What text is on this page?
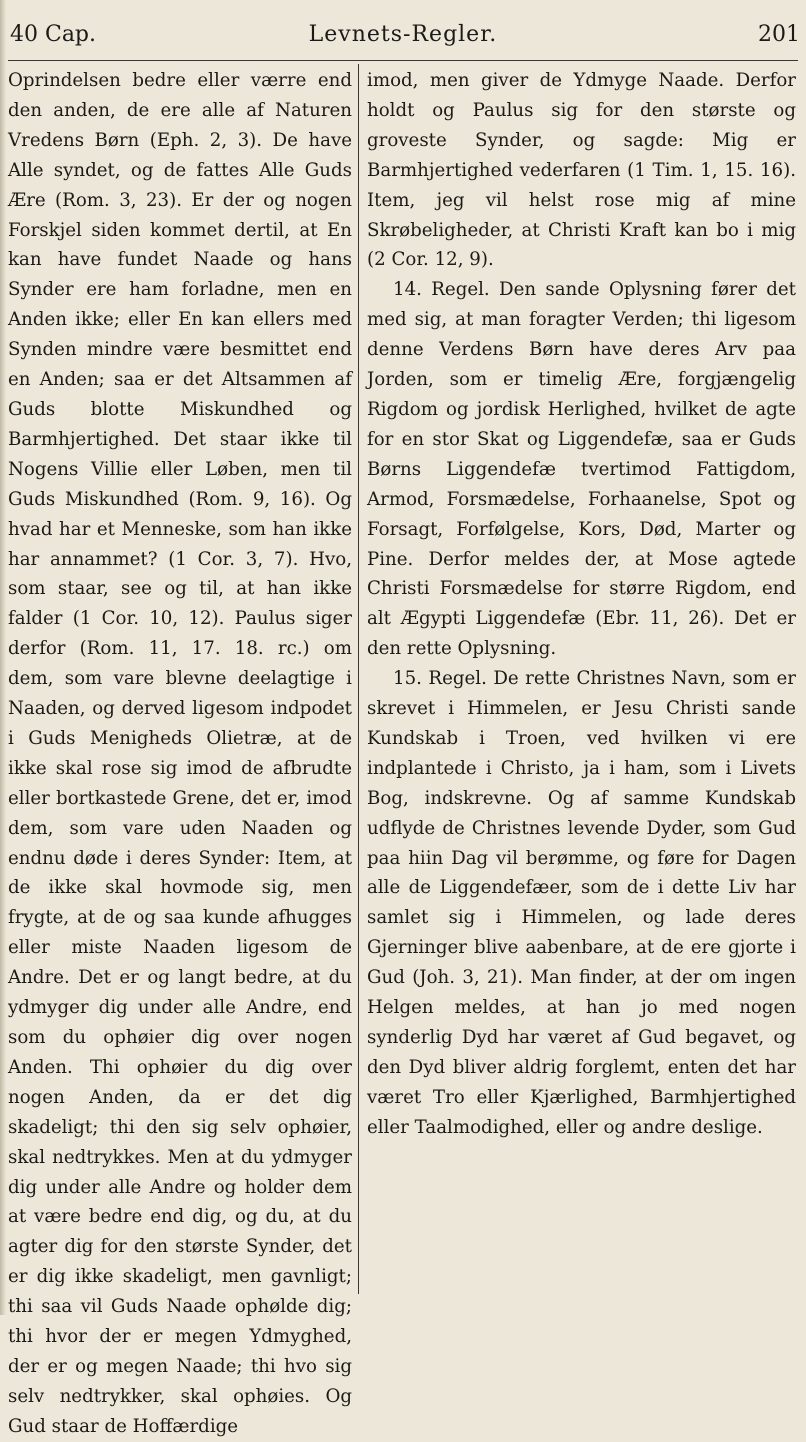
40 Cap.	Levnets-Regler.	201

Oprindelsen bedre eller værre end den anden, de ere alle af Naturen Vredens Børn (Eph. 2, 3). De have Alle syndet, og de fattes Alle Guds Ære (Rom. 3, 23). Er der og nogen Forskjel siden kommet dertil, at En kan have fundet Naade og hans Synder ere ham forladne, men en Anden ikke; eller En kan ellers med Synden mindre være besmittet end en Anden; saa er det Altsammen af Guds blotte Miskundhed og Barmhjertighed. Det staar ikke til Nogens Villie eller Løben, men til Guds Miskundhed (Rom. 9, 16). Og hvad har et Menneske, som han ikke har annammet? (1 Cor. 3, 7). Hvo, som staar, see og til, at han ikke falder (1 Cor. 10, 12). Paulus siger derfor (Rom. 11, 17. 18. rc.) om dem, som vare blevne deelagtige i Naaden, og derved ligesom indpodet i Guds Menigheds Olietræ, at de ikke skal rose sig imod de afbrudte eller bortkastede Grene, det er, imod dem, som vare uden Naaden og endnu døde i deres Synder: Item, at de ikke skal hovmode sig, men frygte, at de og saa kunde afhugges eller miste Naaden ligesom de Andre. Det er og langt bedre, at du ydmyger dig under alle Andre, end som du ophøier dig over nogen Anden. Thi ophøier du dig over nogen Anden, da er det dig skadeligt; thi den sig selv ophøier, skal nedtrykkes. Men at du ydmyger dig under alle Andre og holder dem at være bedre end dig, og du, at du agter dig for den største Synder, det er dig ikke skadeligt, men gavnligt; thi saa vil Guds Naade ophølde dig; thi hvor der er megen Ydmyghed, der er og megen Naade; thi hvo sig selv nedtrykker, skal ophøies. Og Gud staar de Hoffærdige

imod, men giver de Ydmyge Naade. Derfor holdt og Paulus sig for den største og groveste Synder, og sagde: Mig er Barmhjertighed vederfaren (1 Tim. 1, 15. 16). Item, jeg vil helst rose mig af mine Skrøbeligheder, at Christi Kraft kan bo i mig (2 Cor. 12, 9).

14. Regel. Den sande Oplysning fører det med sig, at man foragter Verden; thi ligesom denne Verdens Børn have deres Arv paa Jorden, som er timelig Ære, forgjængelig Rigdom og jordisk Herlighed, hvilket de agte for en stor Skat og Liggendefæ, saa er Guds Børns Liggendefæ tvertimod Fattigdom, Armod, Forsmædelse, Forhaanelse, Spot og Forsagt, Forfølgelse, Kors, Død, Marter og Pine. Derfor meldes der, at Mose agtede Christi Forsmædelse for større Rigdom, end alt Ægypti Liggendefæ (Ebr. 11, 26). Det er den rette Oplysning.

15. Regel. De rette Christnes Navn, som er skrevet i Himmelen, er Jesu Christi sande Kundskab i Troen, ved hvilken vi ere indplantede i Christo, ja i ham, som i Livets Bog, indskrevne. Og af samme Kundskab udflyde de Christnes levende Dyder, som Gud paa hiin Dag vil berømme, og føre for Dagen alle de Liggendefæer, som de i dette Liv har samlet sig i Himmelen, og lade deres Gjerninger blive aabenbare, at de ere gjorte i Gud (Joh. 3, 21). Man finder, at der om ingen Helgen meldes, at han jo med nogen synderlig Dyd har været af Gud begavet, og den Dyd bliver aldrig forglemt, enten det har været Tro eller Kjærlighed, Barmhjertighed eller Taalmodighed, eller og andre deslige.
